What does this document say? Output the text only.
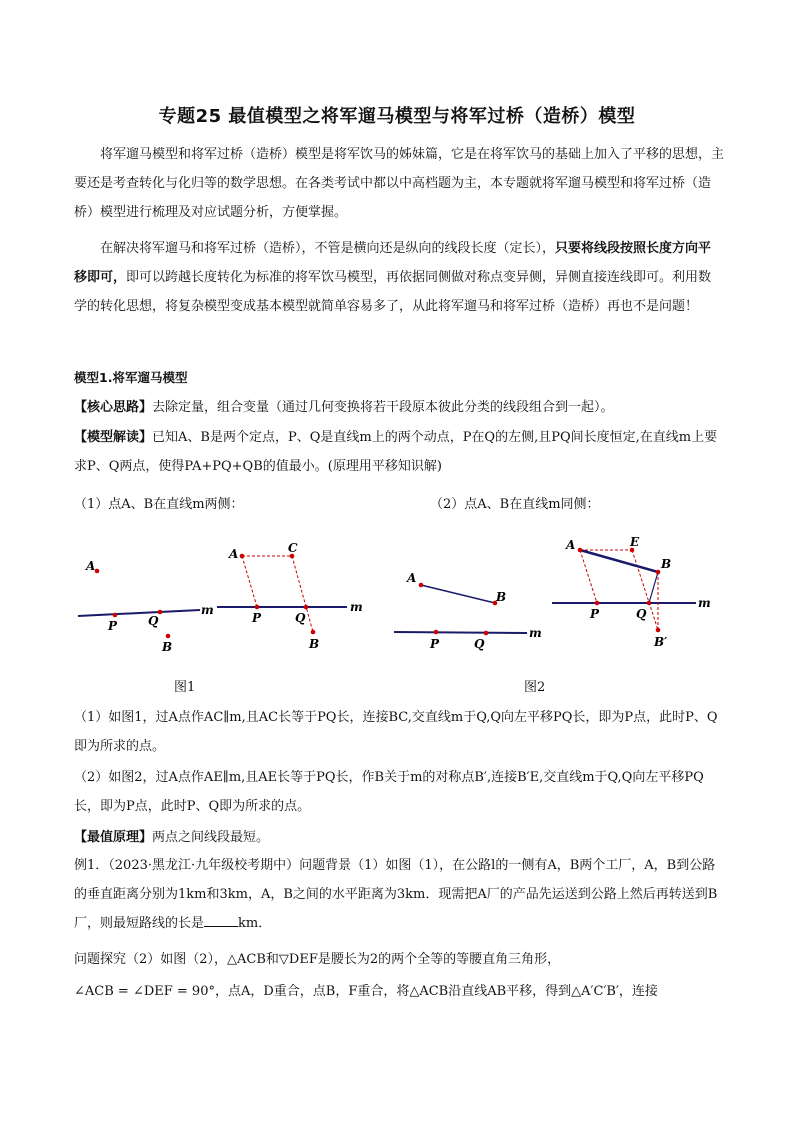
专题25 最值模型之将军遛马模型与将军过桥（造桥）模型

将军遛马模型和将军过桥（造桥）模型是将军饮马的姊妹篇，它是在将军饮马的基础上加入了平移的思想，主要还是考查转化与化归等的数学思想。在各类考试中都以中高档题为主，本专题就将军遛马模型和将军过桥（造桥）模型进行梳理及对应试题分析，方便掌握。

在解决将军遛马和将军过桥（造桥），不管是横向还是纵向的线段长度（定长），只要将线段按照长度方向平移即可，即可以跨越长度转化为标准的将军饮马模型，再依据同侧做对称点变异侧，异侧直接连线即可。利用数学的转化思想，将复杂模型变成基本模型就简单容易多了，从此将军遛马和将军过桥（造桥）再也不是问题！

模型1.将军遛马模型

【核心思路】去除定量，组合变量（通过几何变换将若干段原本彼此分类的线段组合到一起）。

【模型解读】已知A、B是两个定点，P、Q是直线m上的两个动点，P在Q的左侧,且PQ间长度恒定,在直线m上要求P、Q两点，使得PA+PQ+QB的值最小。(原理用平移知识解)

（1）点A、B在直线m两侧：	（2）点A、B在直线m同侧：

A
P	Q
B
m
A	C
P	Q
B
m
A
B
P	Q
m
A	E
B
P	Q
B′
m
图1	图2

（1）如图1，过A点作AC∥m,且AC长等于PQ长，连接BC,交直线m于Q,Q向左平移PQ长，即为P点，此时P、Q即为所求的点。

（2）如图2，过A点作AE∥m,且AE长等于PQ长，作B关于m的对称点B′,连接B′E,交直线m于Q,Q向左平移PQ长，即为P点，此时P、Q即为所求的点。

【最值原理】两点之间线段最短。

例1．（2023·黑龙江·九年级校考期中）问题背景（1）如图（1），在公路l的一侧有A，B两个工厂，A，B到公路的垂直距离分别为1km和3km，A，B之间的水平距离为3km．现需把A厂的产品先运送到公路上然后再转送到B厂，则最短路线的长是	km．

问题探究（2）如图（2），△ACB和▽DEF是腰长为2的两个全等的等腰直角三角形，

∠ACB = ∠DEF = 90°，点A，D重合，点B，F重合，将△ACB沿直线AB平移，得到△A′C′B′，连接
